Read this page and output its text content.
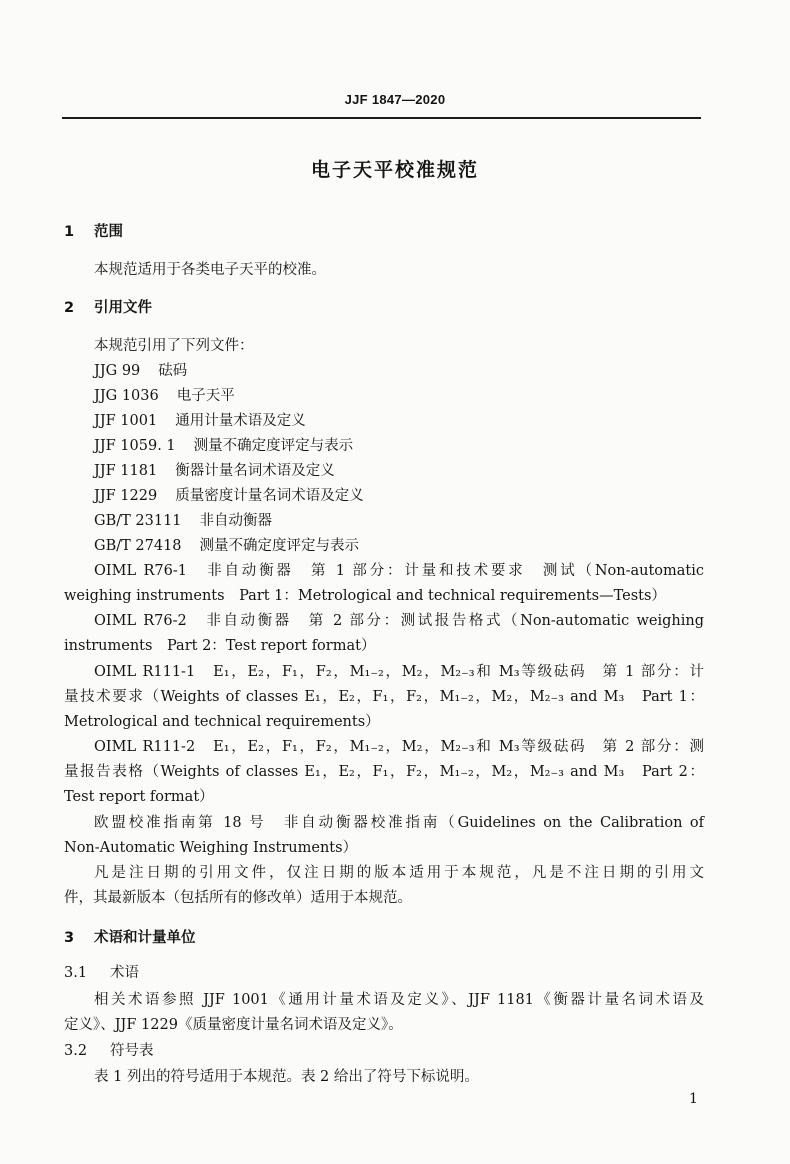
JJF 1847—2020
电子天平校准规范
1 范围
本规范适用于各类电子天平的校准。
2 引用文件
本规范引用了下列文件：
JJG 99 砝码
JJG 1036 电子天平
JJF 1001 通用计量术语及定义
JJF 1059. 1 测量不确定度评定与表示
JJF 1181 衡器计量名词术语及定义
JJF 1229 质量密度计量名词术语及定义
GB/T 23111 非自动衡器
GB/T 27418 测量不确定度评定与表示
OIML R76-1　非自动衡器　第 1 部分：计量和技术要求　测试（Non-automatic
weighing instruments　Part 1：Metrological and technical requirements—Tests）
OIML R76-2　非自动衡器　第 2 部分：测试报告格式（Non-automatic weighing
instruments　Part 2：Test report format）
OIML R111-1　E₁，E₂，F₁，F₂，M₁₋₂，M₂，M₂₋₃和 M₃等级砝码　第 1 部分：计
量技术要求（Weights of classes E₁，E₂，F₁，F₂，M₁₋₂，M₂，M₂₋₃ and M₃　Part 1：
Metrological and technical requirements）
OIML R111-2　E₁，E₂，F₁，F₂，M₁₋₂，M₂，M₂₋₃和 M₃等级砝码　第 2 部分：测
量报告表格（Weights of classes E₁，E₂，F₁，F₂，M₁₋₂，M₂，M₂₋₃ and M₃　Part 2：
Test report format）
欧盟校准指南第 18 号　非自动衡器校准指南（Guidelines on the Calibration of
Non-Automatic Weighing Instruments）
凡是注日期的引用文件，仅注日期的版本适用于本规范，凡是不注日期的引用文
件，其最新版本（包括所有的修改单）适用于本规范。
3 术语和计量单位
3.1 术语
相关术语参照 JJF 1001《通用计量术语及定义》、JJF 1181《衡器计量名词术语及
定义》、JJF 1229《质量密度计量名词术语及定义》。
3.2 符号表
表 1 列出的符号适用于本规范。表 2 给出了符号下标说明。
1
